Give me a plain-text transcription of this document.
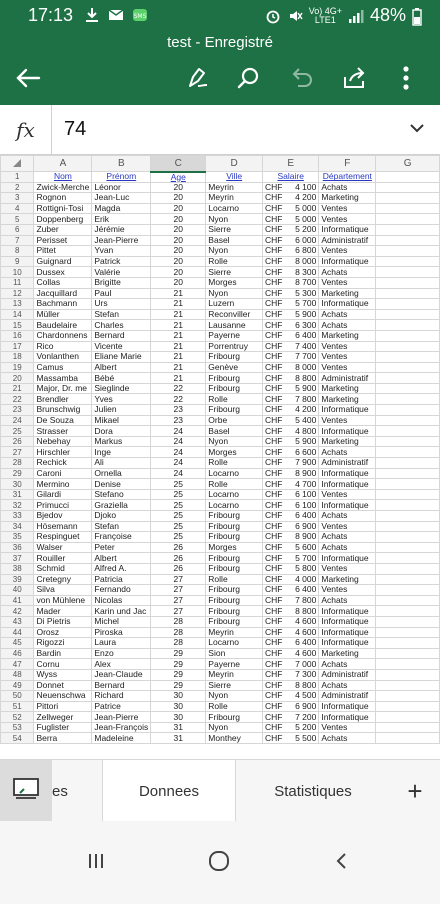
17:13	SMS
Vo) 4G+
LTE1	48%
test - Enregistré
fx	74
	A	B	C	D	E	F	G
1	Nom	Prénom	Age	Ville	Salaire	Département	
2	Zwick-Merche	Léonor	20	Meyrin	CHF 4 100	Achats	
3	Rognon	Jean-Luc	20	Meyrin	CHF 4 200	Marketing	
4	Rottigni-Tosi	Magda	20	Locarno	CHF 5 000	Ventes	
5	Doppenberg	Erik	20	Nyon	CHF 5 000	Ventes	
6	Zuber	Jérémie	20	Sierre	CHF 5 200	Informatique	
7	Perisset	Jean-Pierre	20	Basel	CHF 6 000	Administratif	
8	Pittet	Yvan	20	Nyon	CHF 6 800	Ventes	
9	Guignard	Patrick	20	Rolle	CHF 8 000	Informatique	
10	Dussex	Valérie	20	Sierre	CHF 8 300	Achats	
11	Collas	Brigitte	20	Morges	CHF 8 700	Ventes	
12	Jacquillard	Paul	21	Nyon	CHF 5 300	Marketing	
13	Bachmann	Urs	21	Luzern	CHF 5 700	Informatique	
14	Müller	Stefan	21	Reconviller	CHF 5 900	Achats	
15	Baudelaire	Charles	21	Lausanne	CHF 6 300	Achats	
16	Chardonnens	Bernard	21	Payerne	CHF 6 400	Marketing	
17	Rico	Vicente	21	Porrentruy	CHF 7 400	Ventes	
18	Vonlanthen	Eliane Marie	21	Fribourg	CHF 7 700	Ventes	
19	Camus	Albert	21	Genève	CHF 8 000	Ventes	
20	Massamba	Bébé	21	Fribourg	CHF 8 800	Administratif	
21	Major, Dr. me	Sieglinde	22	Fribourg	CHF 5 900	Marketing	
22	Brendler	Yves	22	Rolle	CHF 7 800	Marketing	
23	Brunschwig	Julien	23	Fribourg	CHF 4 200	Informatique	
24	De Souza	Mikael	23	Orbe	CHF 5 400	Ventes	
25	Strasser	Dora	24	Basel	CHF 4 800	Informatique	
26	Nebehay	Markus	24	Nyon	CHF 5 900	Marketing	
27	Hirschler	Inge	24	Morges	CHF 6 600	Achats	
28	Rechick	Ali	24	Rolle	CHF 7 900	Administratif	
29	Caroni	Ornella	24	Locarno	CHF 8 900	Informatique	
30	Mermino	Denise	25	Rolle	CHF 4 700	Informatique	
31	Gilardi	Stefano	25	Locarno	CHF 6 100	Ventes	
32	Primucci	Graziella	25	Locarno	CHF 6 100	Informatique	
33	Bjedov	Djoko	25	Fribourg	CHF 6 400	Achats	
34	Hösemann	Stefan	25	Fribourg	CHF 6 900	Ventes	
35	Respinguet	Françoise	25	Fribourg	CHF 8 900	Achats	
36	Walser	Peter	26	Morges	CHF 5 600	Achats	
37	Rouiller	Albert	26	Fribourg	CHF 5 700	Informatique	
38	Schmid	Alfred A.	26	Fribourg	CHF 5 800	Ventes	
39	Cretegny	Patricia	27	Rolle	CHF 4 000	Marketing	
40	Silva	Fernando	27	Fribourg	CHF 6 400	Ventes	
41	von Mühlene	Nicolas	27	Fribourg	CHF 7 800	Achats	
42	Mader	Karin und Jac	27	Fribourg	CHF 8 800	Informatique	
43	Di Pietris	Michel	28	Fribourg	CHF 4 600	Informatique	
44	Orosz	Piroska	28	Meyrin	CHF 4 600	Informatique	
45	Rigozzi	Laura	28	Locarno	CHF 6 400	Informatique	
46	Bardin	Enzo	29	Sion	CHF 4 600	Marketing	
47	Cornu	Alex	29	Payerne	CHF 7 000	Achats	
48	Wyss	Jean-Claude	29	Meyrin	CHF 7 300	Administratif	
49	Donnet	Bernard	29	Sierre	CHF 8 800	Achats	
50	Neuenschwa	Richard	30	Nyon	CHF 4 500	Administratif	
51	Pittori	Patrice	30	Rolle	CHF 6 900	Informatique	
52	Zellweger	Jean-Pierre	30	Fribourg	CHF 7 200	Informatique	
53	Fuglister	Jean-François	31	Nyon	CHF 5 200	Ventes	
54	Berra	Madeleine	31	Monthey	CHF 5 500	Achats	
es	Donnees	Statistiques	+
